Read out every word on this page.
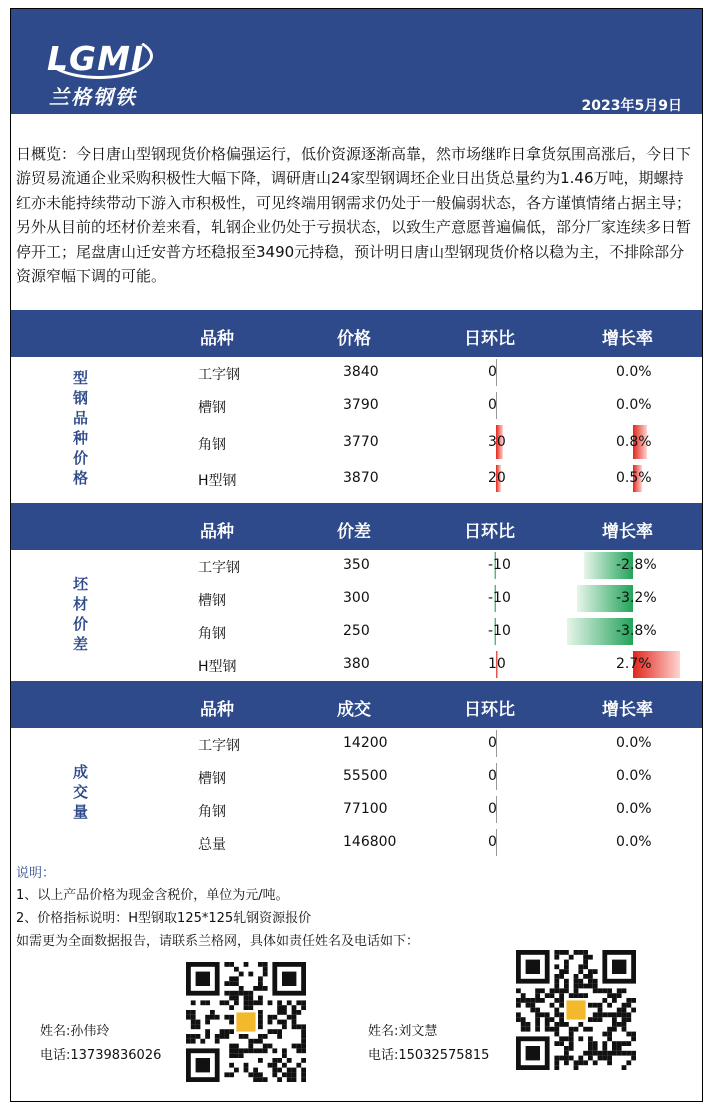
LGMI
兰格钢铁	2023年5月9日
日概览：今日唐山型钢现货价格偏强运行，低价资源逐渐高靠，然市场继昨日拿货氛围高涨后，今日下游贸易流通企业采购积极性大幅下降，调研唐山24家型钢调坯企业日出货总量约为1.46万吨，期螺持红亦未能持续带动下游入市积极性，可见终端用钢需求仍处于一般偏弱状态，各方谨慎情绪占据主导；另外从目前的坯材价差来看，轧钢企业仍处于亏损状态，以致生产意愿普遍偏低，部分厂家连续多日暂停开工；尾盘唐山迁安普方坯稳报至3490元持稳，预计明日唐山型钢现货价格以稳为主，不排除部分资源窄幅下调的可能。
品种	价格	日环比	增长率
型钢品种价格	工字钢	3840	0	0.0%
槽钢	3790	0	0.0%
角钢	3770	30	0.8%
H型钢	3870	20	0.5%
品种	价差	日环比	增长率
坯材价差
工字钢	350	-10	-2.8%
槽钢	300	-10	-3.2%
角钢	250	-10	-3.8%
H型钢	380	10	2.7%
品种	成交	日环比	增长率
成交量
工字钢	14200	0	0.0%
槽钢	55500	0	0.0%
角钢	77100	0	0.0%
总量	146800	0	0.0%
说明：
1、以上产品价格为现金含税价，单位为元/吨。
2、价格指标说明：H型钢取125*125轧钢资源报价
如需更为全面数据报告，请联系兰格网，具体如责任姓名及电话如下：
姓名:孙伟玲
电话:13739836026
姓名:刘文慧
电话:15032575815
